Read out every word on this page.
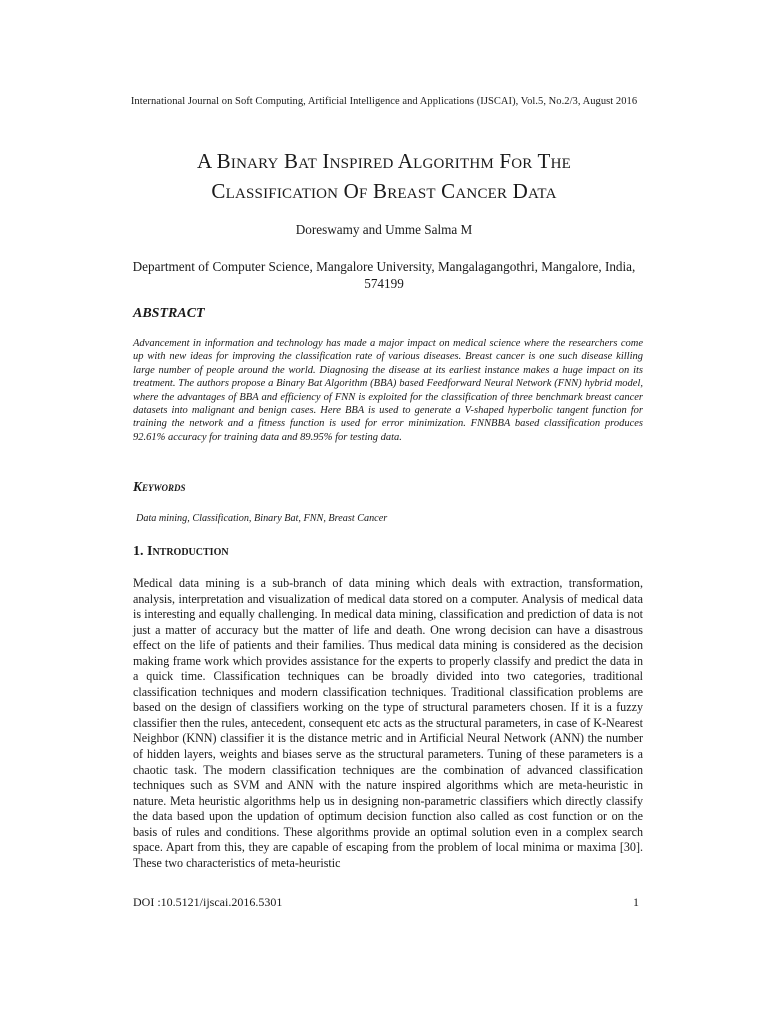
International Journal on Soft Computing, Artificial Intelligence and Applications (IJSCAI), Vol.5, No.2/3, August 2016
A Binary Bat Inspired Algorithm For The
Classification Of Breast Cancer Data
Doreswamy and Umme Salma M
Department of Computer Science, Mangalore University, Mangalagangothri, Mangalore, India, 574199
ABSTRACT

Advancement in information and technology has made a major impact on medical science where the researchers come up with new ideas for improving the classification rate of various diseases. Breast cancer is one such disease killing large number of people around the world. Diagnosing the disease at its earliest instance makes a huge impact on its treatment. The authors propose a Binary Bat Algorithm (BBA) based Feedforward Neural Network (FNN) hybrid model, where the advantages of BBA and efficiency of FNN is exploited for the classification of three benchmark breast cancer datasets into malignant and benign cases. Here BBA is used to generate a V-shaped hyperbolic tangent function for training the network and a fitness function is used for error minimization. FNNBBA based classification produces 92.61% accuracy for training data and 89.95% for testing data.

Keywords

Data mining, Classification, Binary Bat, FNN, Breast Cancer

1. Introduction

Medical data mining is a sub-branch of data mining which deals with extraction, transformation, analysis, interpretation and visualization of medical data stored on a computer. Analysis of medical data is interesting and equally challenging. In medical data mining, classification and prediction of data is not just a matter of accuracy but the matter of life and death. One wrong decision can have a disastrous effect on the life of patients and their families. Thus medical data mining is considered as the decision making frame work which provides assistance for the experts to properly classify and predict the data in a quick time. Classification techniques can be broadly divided into two categories, traditional classification techniques and modern classification techniques. Traditional classification problems are based on the design of classifiers working on the type of structural parameters chosen. If it is a fuzzy classifier then the rules, antecedent, consequent etc acts as the structural parameters, in case of K-Nearest Neighbor (KNN) classifier it is the distance metric and in Artificial Neural Network (ANN) the number of hidden layers, weights and biases serve as the structural parameters. Tuning of these parameters is a chaotic task. The modern classification techniques are the combination of advanced classification techniques such as SVM and ANN with the nature inspired algorithms which are meta-heuristic in nature. Meta heuristic algorithms help us in designing non-parametric classifiers which directly classify the data based upon the updation of optimum decision function also called as cost function or on the basis of rules and conditions. These algorithms provide an optimal solution even in a complex search space. Apart from this, they are capable of escaping from the problem of local minima or maxima [30]. These two characteristics of meta-heuristic

DOI :10.5121/ijscai.2016.5301	1
